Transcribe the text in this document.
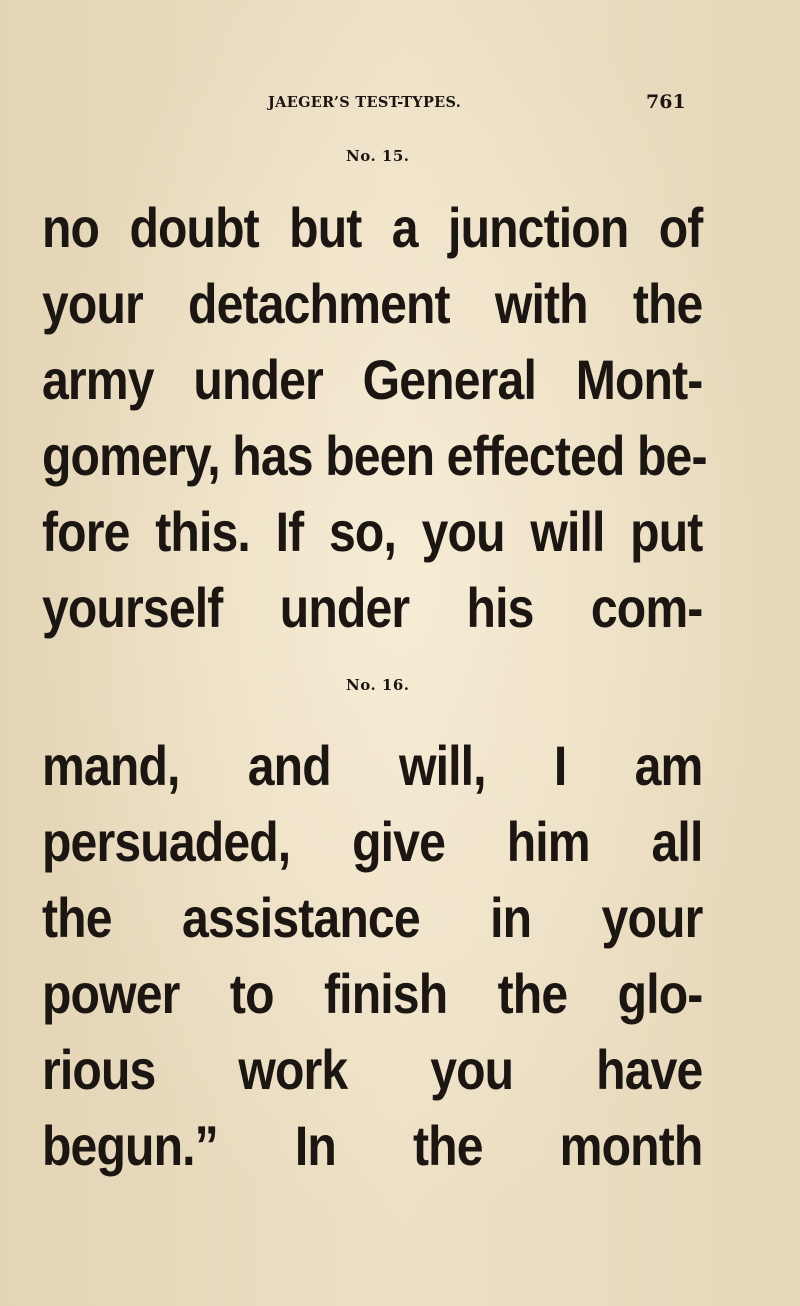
JAEGER’S TEST-TYPES.	761
No. 15.
no doubt but a junction of
your detachment with the
army under General Mont-
gomery, has been effected be-
fore this. If so, you will put
yourself under his com-
No. 16.
mand, and will, I am
persuaded, give him all
the assistance in your
power to finish the glo-
rious work you have
begun.” In the month
